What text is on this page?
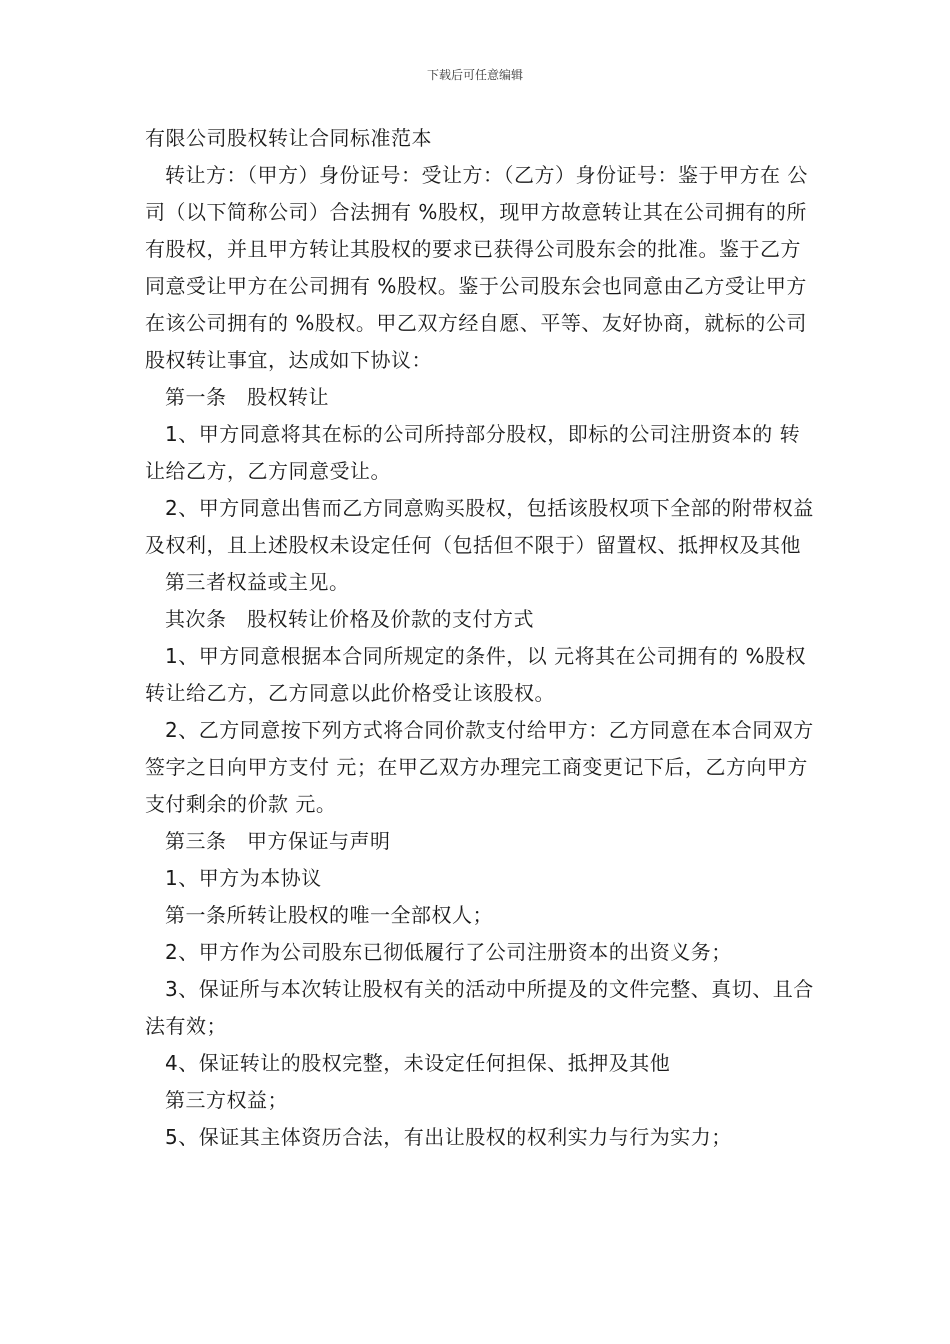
下载后可任意编辑

有限公司股权转让合同标准范本

转让方：（甲方）身份证号：受让方：（乙方）身份证号：鉴于甲方在 公司（以下简称公司）合法拥有 %股权，现甲方故意转让其在公司拥有的所有股权，并且甲方转让其股权的要求已获得公司股东会的批准。鉴于乙方同意受让甲方在公司拥有 %股权。鉴于公司股东会也同意由乙方受让甲方在该公司拥有的 %股权。甲乙双方经自愿、平等、友好协商，就标的公司股权转让事宜，达成如下协议：

第一条　股权转让

1、甲方同意将其在标的公司所持部分股权，即标的公司注册资本的 转让给乙方，乙方同意受让。

2、甲方同意出售而乙方同意购买股权，包括该股权项下全部的附带权益及权利，且上述股权未设定任何（包括但不限于）留置权、抵押权及其他

第三者权益或主见。

其次条　股权转让价格及价款的支付方式

1、甲方同意根据本合同所规定的条件，以 元将其在公司拥有的 %股权转让给乙方，乙方同意以此价格受让该股权。

2、乙方同意按下列方式将合同价款支付给甲方：乙方同意在本合同双方签字之日向甲方支付 元；在甲乙双方办理完工商变更记下后，乙方向甲方支付剩余的价款 元。

第三条　甲方保证与声明

1、甲方为本协议

第一条所转让股权的唯一全部权人；

2、甲方作为公司股东已彻低履行了公司注册资本的出资义务；

3、保证所与本次转让股权有关的活动中所提及的文件完整、真切、且合法有效；

4、保证转让的股权完整，未设定任何担保、抵押及其他

第三方权益；

5、保证其主体资历合法，有出让股权的权利实力与行为实力；
